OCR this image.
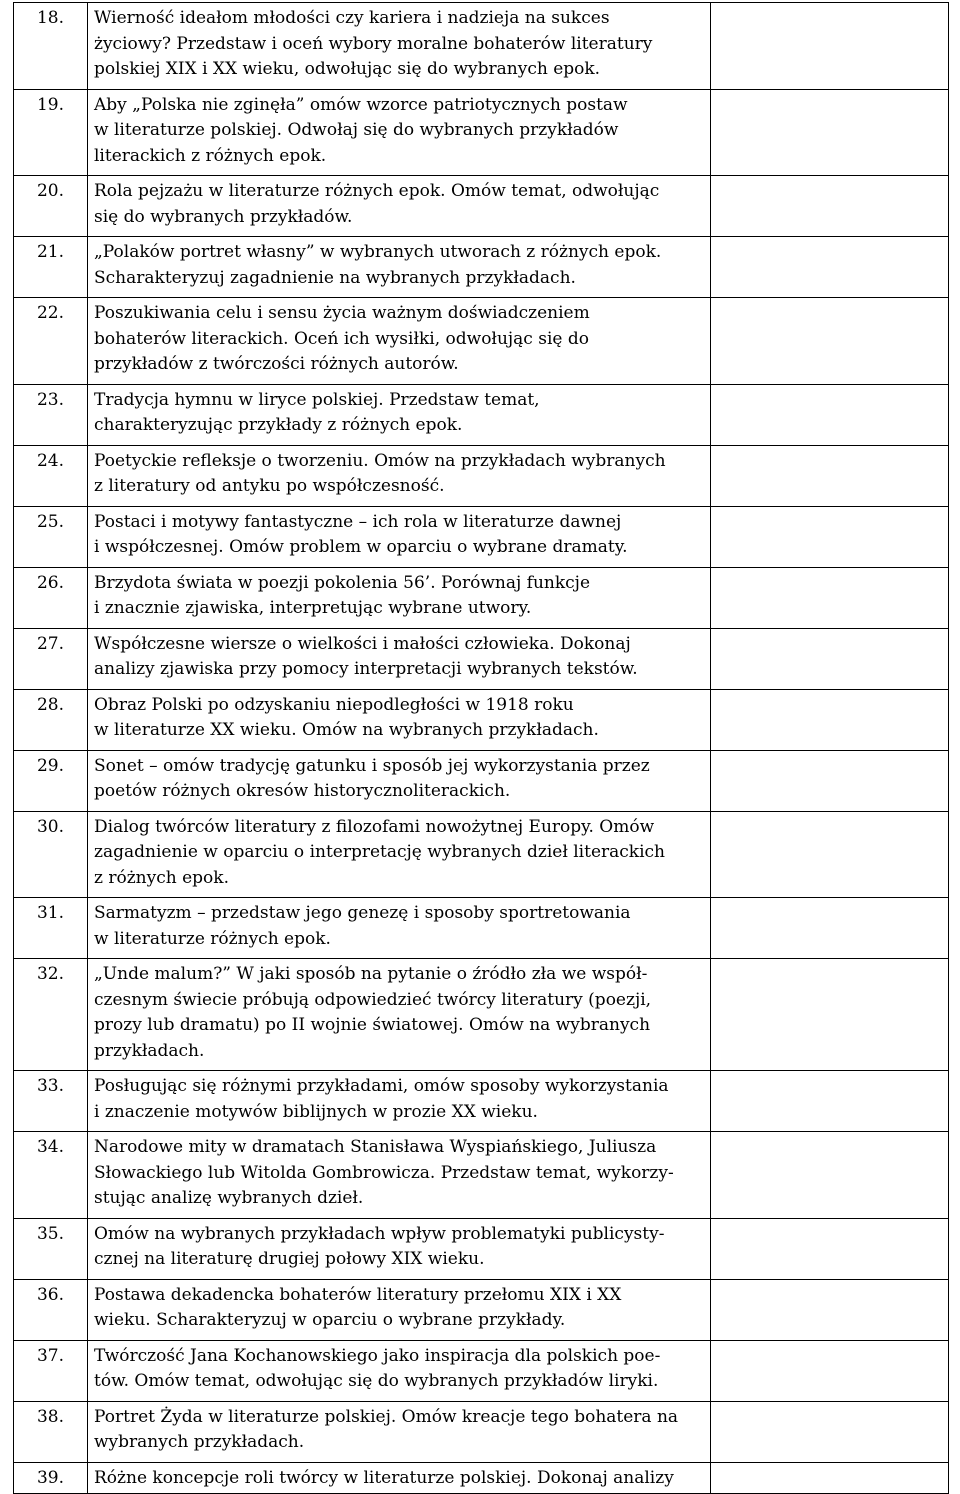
18.	Wierność ideałom młodości czy kariera i nadzieja na sukces
życiowy? Przedstaw i oceń wybory moralne bohaterów literatury
polskiej XIX i XX wieku, odwołując się do wybranych epok.	

19.	Aby „Polska nie zginęła” omów wzorce patriotycznych postaw
w literaturze polskiej. Odwołaj się do wybranych przykładów
literackich z różnych epok.	

20.	Rola pejzażu w literaturze różnych epok. Omów temat, odwołując
się do wybranych przykładów.	

21.	„Polaków portret własny” w wybranych utworach z różnych epok.
Scharakteryzuj zagadnienie na wybranych przykładach.	

22.	Poszukiwania celu i sensu życia ważnym doświadczeniem
bohaterów literackich. Oceń ich wysiłki, odwołując się do
przykładów z twórczości różnych autorów.	

23.	Tradycja hymnu w liryce polskiej. Przedstaw temat,
charakteryzując przykłady z różnych epok.	

24.	Poetyckie refleksje o tworzeniu. Omów na przykładach wybranych
z literatury od antyku po współczesność.	

25.	Postaci i motywy fantastyczne – ich rola w literaturze dawnej
i współczesnej. Omów problem w oparciu o wybrane dramaty.	

26.	Brzydota świata w poezji pokolenia 56’. Porównaj funkcje
i znacznie zjawiska, interpretując wybrane utwory.	

27.	Współczesne wiersze o wielkości i małości człowieka. Dokonaj
analizy zjawiska przy pomocy interpretacji wybranych tekstów.	

28.	Obraz Polski po odzyskaniu niepodległości w 1918 roku
w literaturze XX wieku. Omów na wybranych przykładach.	

29.	Sonet – omów tradycję gatunku i sposób jej wykorzystania przez
poetów różnych okresów historycznoliterackich.	

30.	Dialog twórców literatury z filozofami nowożytnej Europy. Omów
zagadnienie w oparciu o interpretację wybranych dzieł literackich
z różnych epok.	

31.	Sarmatyzm – przedstaw jego genezę i sposoby sportretowania
w literaturze różnych epok.	

32.	„Unde malum?” W jaki sposób na pytanie o źródło zła we współ-
czesnym świecie próbują odpowiedzieć twórcy literatury (poezji,
prozy lub dramatu) po II wojnie światowej. Omów na wybranych
przykładach.	

33.	Posługując się różnymi przykładami, omów sposoby wykorzystania
i znaczenie motywów biblijnych w prozie XX wieku.	

34.	Narodowe mity w dramatach Stanisława Wyspiańskiego, Juliusza
Słowackiego lub Witolda Gombrowicza. Przedstaw temat, wykorzy-
stując analizę wybranych dzieł.	

35.	Omów na wybranych przykładach wpływ problematyki publicysty-
cznej na literaturę drugiej połowy XIX wieku.	

36.	Postawa dekadencka bohaterów literatury przełomu XIX i XX
wieku. Scharakteryzuj w oparciu o wybrane przykłady.	

37.	Twórczość Jana Kochanowskiego jako inspiracja dla polskich poe-
tów. Omów temat, odwołując się do wybranych przykładów liryki.	

38.	Portret Żyda w literaturze polskiej. Omów kreacje tego bohatera na
wybranych przykładach.	

39.	Różne koncepcje roli twórcy w literaturze polskiej. Dokonaj analizy	
